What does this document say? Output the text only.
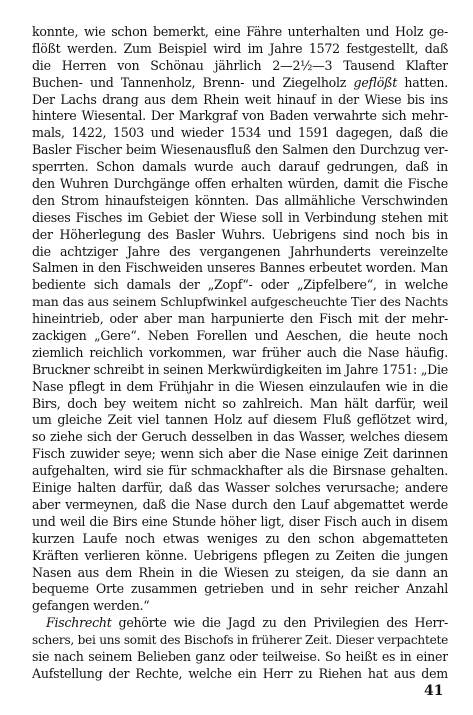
konnte, wie schon bemerkt, eine Fähre unterhalten und Holz ge-
flößt werden. Zum Beispiel wird im Jahre 1572 festgestellt, daß
die Herren von Schönau jährlich 2—2½—3 Tausend Klafter
Buchen- und Tannenholz, Brenn- und Ziegelholz geflößt hatten.
Der Lachs drang aus dem Rhein weit hinauf in der Wiese bis ins
hintere Wiesental. Der Markgraf von Baden verwahrte sich mehr-
mals, 1422, 1503 und wieder 1534 und 1591 dagegen, daß die
Basler Fischer beim Wiesenausfluß den Salmen den Durchzug ver-
sperrten. Schon damals wurde auch darauf gedrungen, daß in
den Wuhren Durchgänge offen erhalten würden, damit die Fische
den Strom hinaufsteigen könnten. Das allmähliche Verschwinden
dieses Fisches im Gebiet der Wiese soll in Verbindung stehen mit
der Höherlegung des Basler Wuhrs. Uebrigens sind noch bis in
die achtziger Jahre des vergangenen Jahrhunderts vereinzelte
Salmen in den Fischweiden unseres Bannes erbeutet worden. Man
bediente sich damals der „Zopf“- oder „Zipfelbere“, in welche
man das aus seinem Schlupfwinkel aufgescheuchte Tier des Nachts
hineintrieb, oder aber man harpunierte den Fisch mit der mehr-
zackigen „Gere“. Neben Forellen und Aeschen, die heute noch
ziemlich reichlich vorkommen, war früher auch die Nase häufig.
Bruckner schreibt in seinen Merkwürdigkeiten im Jahre 1751: „Die
Nase pflegt in dem Frühjahr in die Wiesen einzulaufen wie in die
Birs, doch bey weitem nicht so zahlreich. Man hält darfür, weil
um gleiche Zeit viel tannen Holz auf diesem Fluß geflötzet wird,
so ziehe sich der Geruch desselben in das Wasser, welches diesem
Fisch zuwider seye; wenn sich aber die Nase einige Zeit darinnen
aufgehalten, wird sie für schmackhafter als die Birsnase gehalten.
Einige halten darfür, daß das Wasser solches verursache; andere
aber vermeynen, daß die Nase durch den Lauf abgemattet werde
und weil die Birs eine Stunde höher ligt, diser Fisch auch in disem
kurzen Laufe noch etwas weniges zu den schon abgematteten
Kräften verlieren könne. Uebrigens pflegen zu Zeiten die jungen
Nasen aus dem Rhein in die Wiesen zu steigen, da sie dann an
bequeme Orte zusammen getrieben und in sehr reicher Anzahl
gefangen werden.“
Fischrecht gehörte wie die Jagd zu den Privilegien des Herr-
schers, bei uns somit des Bischofs in früherer Zeit. Dieser verpachtete
sie nach seinem Belieben ganz oder teilweise. So heißt es in einer
Aufstellung der Rechte, welche ein Herr zu Riehen hat aus dem
41
